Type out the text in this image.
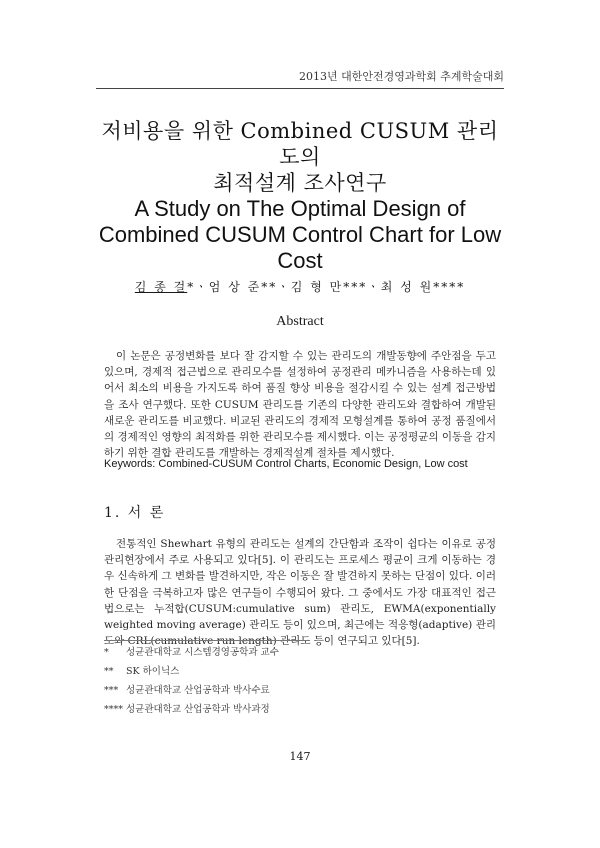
2013년 대한안전경영과학회 추계학술대회
저비용을 위한 Combined CUSUM 관리도의
최적설계 조사연구
A Study on The Optimal Design of
Combined CUSUM Control Chart for Low
Cost
김 종 걸*ㆍ엄 상 준**ㆍ김 형 만***ㆍ최 성 원****
Abstract

이 논문은 공정변화를 보다 잘 감지할 수 있는 관리도의 개발동향에 주안점을 두고 있으며, 경제적 접근법으로 관리모수를 설정하여 공정관리 메카니즘을 사용하는데 있어서 최소의 비용을 가지도록 하여 품질 향상 비용을 절감시킬 수 있는 설계 접근방법을 조사 연구했다. 또한 CUSUM 관리도를 기존의 다양한 관리도와 결합하여 개발된 새로운 관리도를 비교했다. 비교된 관리도의 경제적 모형설계를 통하여 공정 품질에서의 경제적인 영향의 최적화를 위한 관리모수를 제시했다. 이는 공정평균의 이동을 감지하기 위한 결합 관리도를 개발하는 경제적설계 절차를 제시했다.

Keywords: Combined-CUSUM Control Charts, Economic Design, Low cost
1. 서 론

전통적인 Shewhart 유형의 관리도는 설계의 간단함과 조작이 쉽다는 이유로 공정관리현장에서 주로 사용되고 있다[5]. 이 관리도는 프로세스 평균이 크게 이동하는 경우 신속하게 그 변화를 발견하지만, 작은 이동은 잘 발견하지 못하는 단점이 있다. 이러한 단점을 극복하고자 많은 연구들이 수행되어 왔다. 그 중에서도 가장 대표적인 접근법으로는 누적합(CUSUM:cumulative sum) 관리도, EWMA(exponentially weighted moving average) 관리도 등이 있으며, 최근에는 적응형(adaptive) 관리도와 CRL(cumulative run length) 관리도 등이 연구되고 있다[5].

*	성균관대학교 시스템경영공학과 교수
**	SK 하이닉스
*** 성균관대학교 산업공학과 박사수료
**** 성균관대학교 산업공학과 박사과정
147
